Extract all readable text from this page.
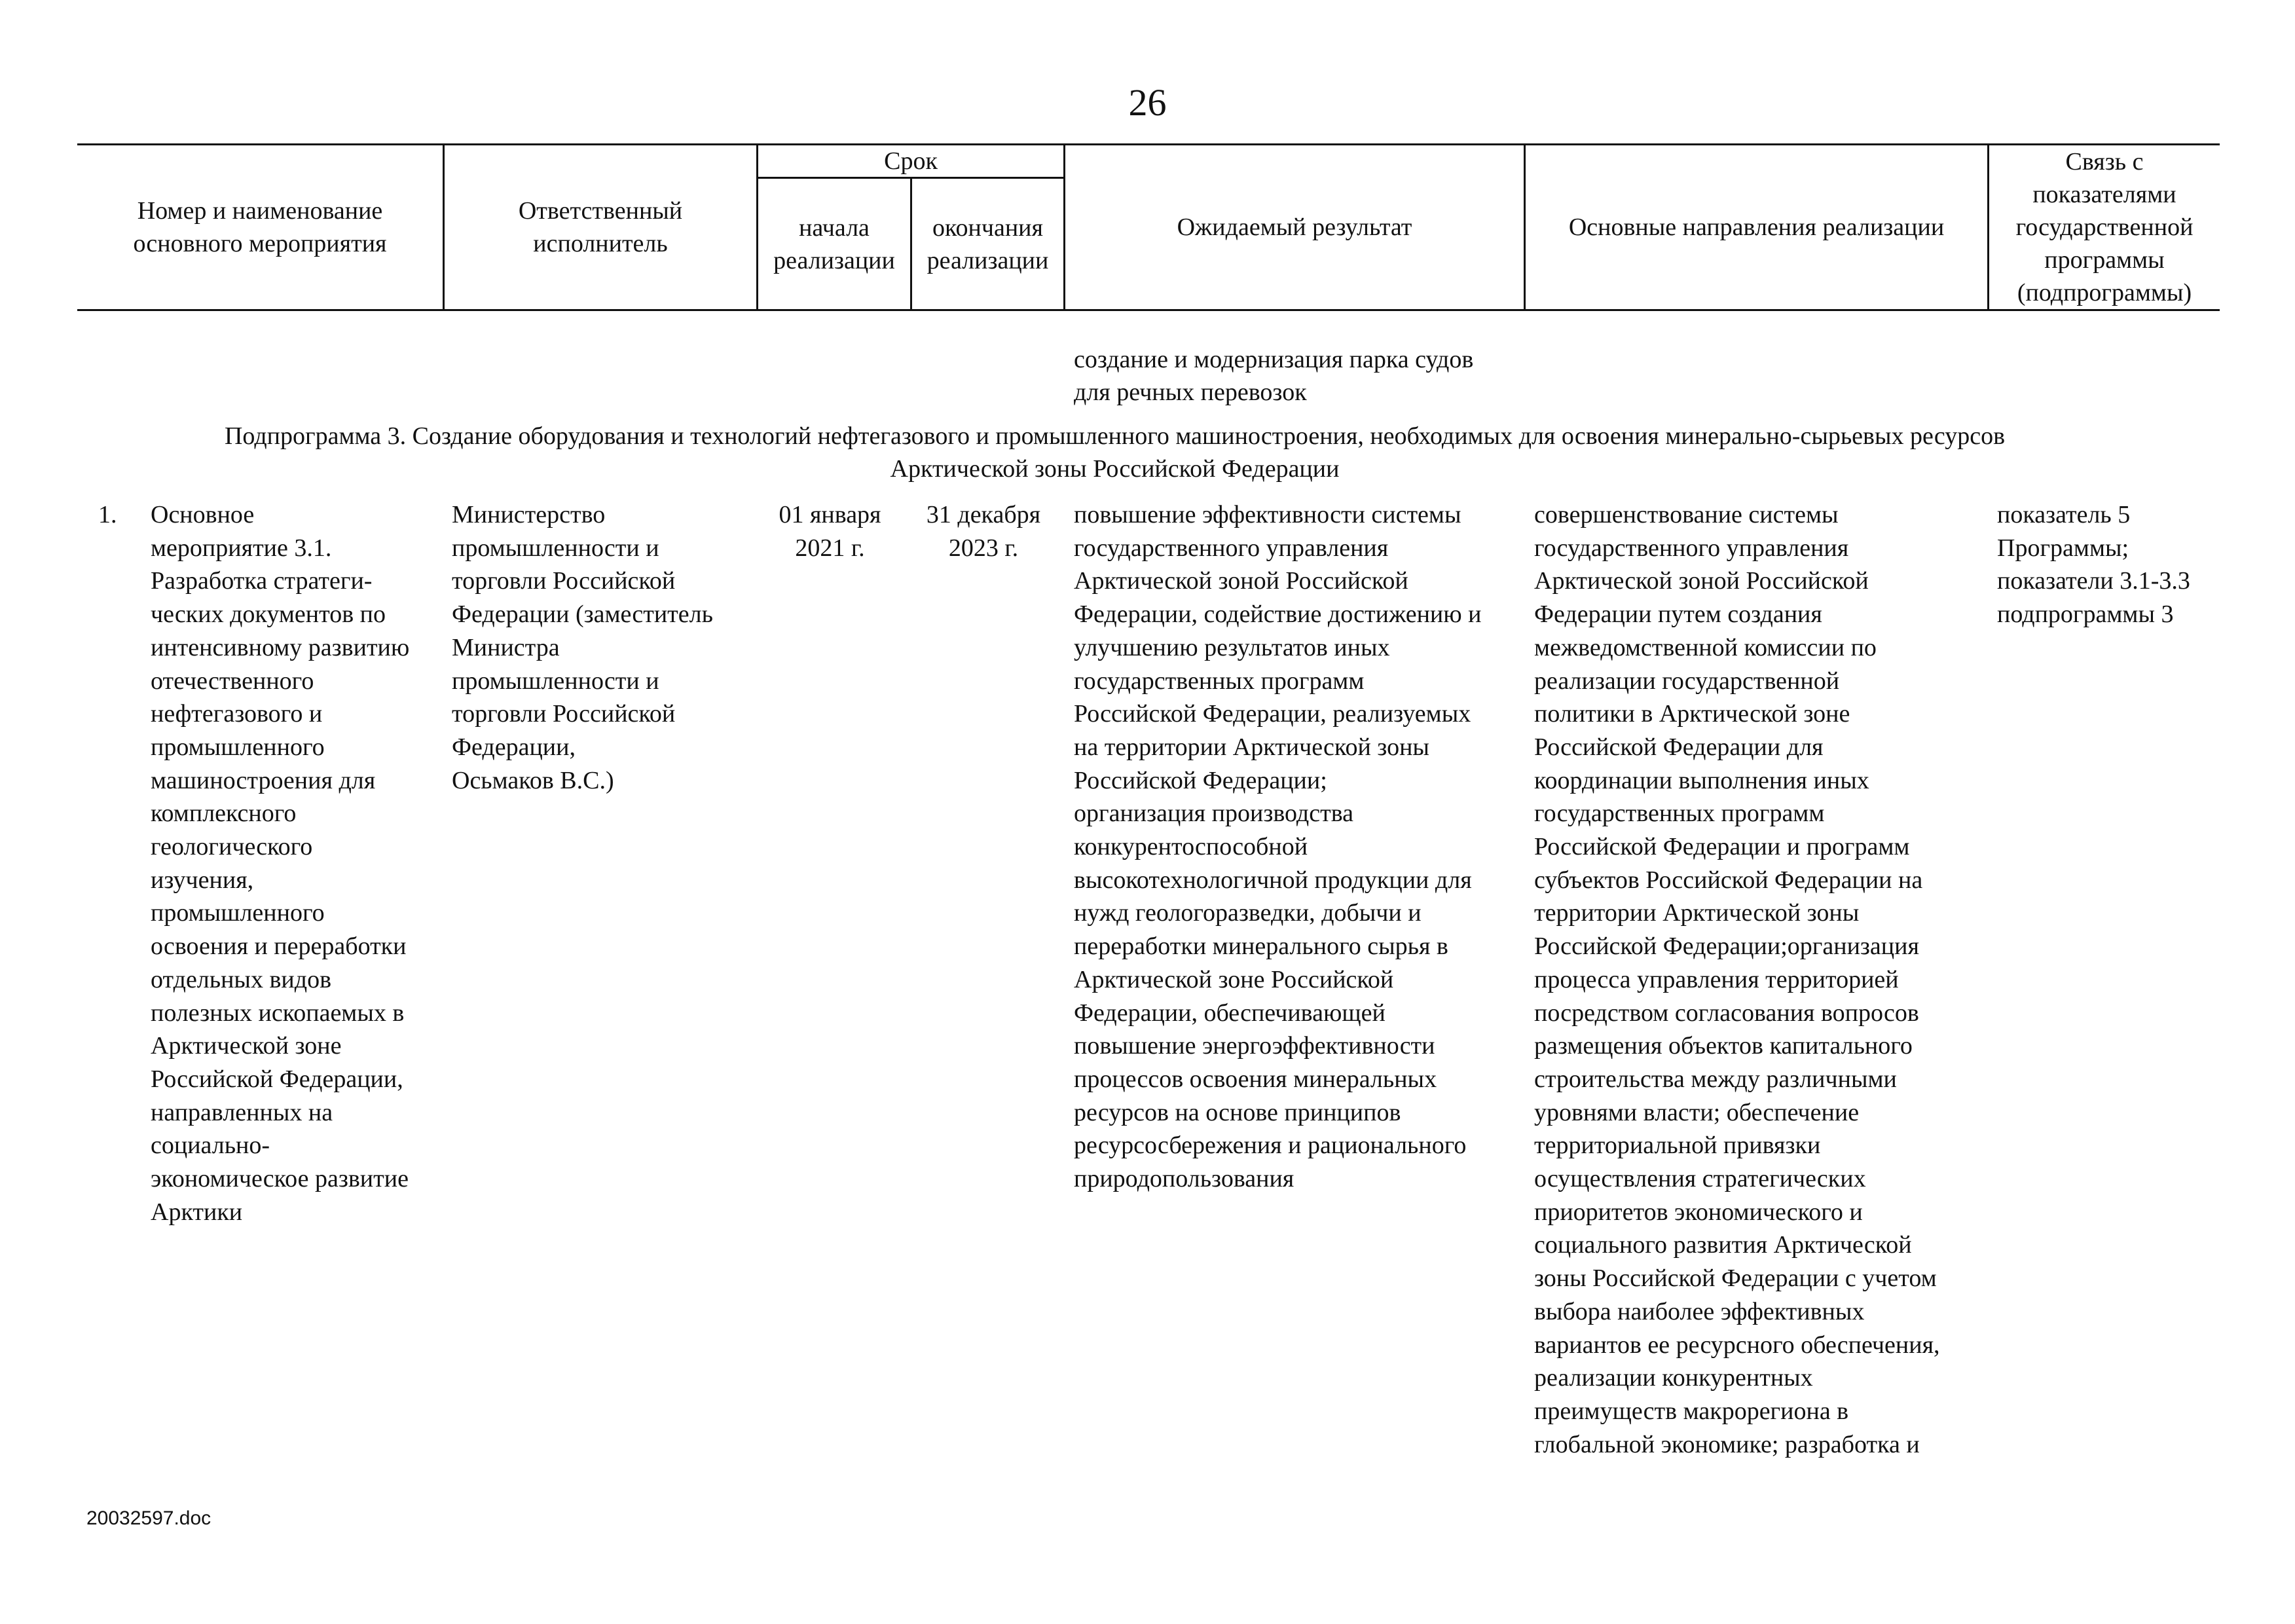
26
Номер и наименование
основного мероприятия
Ответственный
исполнитель
Срок
начала
реализации
окончания
реализации
Ожидаемый результат	Основные направления реализации
Связь с
показателями
государственной
программы
(подпрограммы)
создание и модернизация парка судов
для речных перевозок
Подпрограмма 3. Создание оборудования и технологий нефтегазового и промышленного машиностроения, необходимых для освоения минерально-сырьевых ресурсов
Арктической зоны Российской Федерации
1. Основное
мероприятие 3.1.
Разработка стратеги-
ческих документов по
интенсивному развитию
отечественного
нефтегазового и
промышленного
машиностроения для
комплексного
геологического
изучения,
промышленного
освоения и переработки
отдельных видов
полезных ископаемых в
Арктической зоне
Российской Федерации,
направленных на
социально-
экономическое развитие
Арктики
Министерство
промышленности и
торговли Российской
Федерации (заместитель
Министра
промышленности и
торговли Российской
Федерации,
Осьмаков В.С.)
01 января
2021 г.
31 декабря
2023 г.
повышение эффективности системы
государственного управления
Арктической зоной Российской
Федерации, содействие достижению и
улучшению результатов иных
государственных программ
Российской Федерации, реализуемых
на территории Арктической зоны
Российской Федерации;
организация производства
конкурентоспособной
высокотехнологичной продукции для
нужд геологоразведки, добычи и
переработки минерального сырья в
Арктической зоне Российской
Федерации, обеспечивающей
повышение энергоэффективности
процессов освоения минеральных
ресурсов на основе принципов
ресурсосбережения и рационального
природопользования
совершенствование системы
государственного управления
Арктической зоной Российской
Федерации путем создания
межведомственной комиссии по
реализации государственной
политики в Арктической зоне
Российской Федерации для
координации выполнения иных
государственных программ
Российской Федерации и программ
субъектов Российской Федерации на
территории Арктической зоны
Российской Федерации;организация
процесса управления территорией
посредством согласования вопросов
размещения объектов капитального
строительства между различными
уровнями власти; обеспечение
территориальной привязки
осуществления стратегических
приоритетов экономического и
социального развития Арктической
зоны Российской Федерации с учетом
выбора наиболее эффективных
вариантов ее ресурсного обеспечения,
реализации конкурентных
преимуществ макрорегиона в
глобальной экономике; разработка и
показатель 5
Программы;
показатели 3.1-3.3
подпрограммы 3
20032597.doc
